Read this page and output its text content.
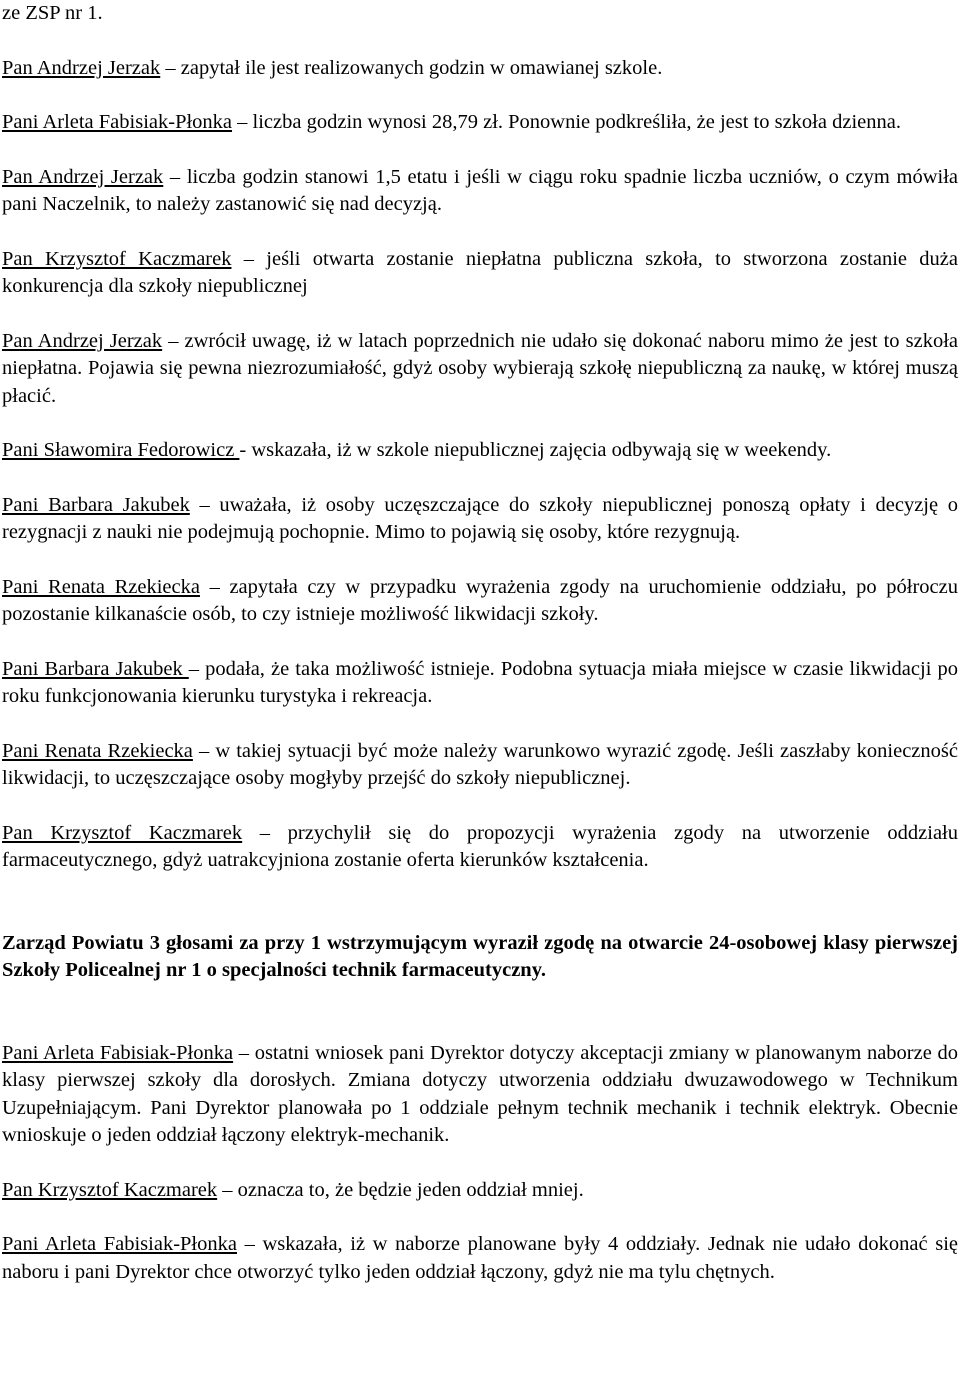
ze ZSP nr 1.

Pan Andrzej Jerzak – zapytał ile jest realizowanych godzin w omawianej szkole.

Pani Arleta Fabisiak-Płonka – liczba godzin wynosi 28,79 zł. Ponownie podkreśliła, że jest to szkoła dzienna.

Pan Andrzej Jerzak – liczba godzin stanowi 1,5 etatu i jeśli w ciągu roku spadnie liczba uczniów, o czym mówiła pani Naczelnik, to należy zastanowić się nad decyzją.

Pan Krzysztof Kaczmarek – jeśli otwarta zostanie niepłatna publiczna szkoła, to stworzona zostanie duża konkurencja dla szkoły niepublicznej

Pan Andrzej Jerzak – zwrócił uwagę, iż w latach poprzednich nie udało się dokonać naboru mimo że jest to szkoła niepłatna. Pojawia się pewna niezrozumiałość, gdyż osoby wybierają szkołę niepubliczną za naukę, w której muszą płacić.

Pani Sławomira Fedorowicz - wskazała, iż w szkole niepublicznej zajęcia odbywają się w weekendy.

Pani Barbara Jakubek – uważała, iż osoby uczęszczające do szkoły niepublicznej ponoszą opłaty i decyzję o rezygnacji z nauki nie podejmują pochopnie. Mimo to pojawią się osoby, które rezygnują.

Pani Renata Rzekiecka – zapytała czy w przypadku wyrażenia zgody na uruchomienie oddziału, po półroczu pozostanie kilkanaście osób, to czy istnieje możliwość likwidacji szkoły.

Pani Barbara Jakubek – podała, że taka możliwość istnieje. Podobna sytuacja miała miejsce w czasie likwidacji po roku funkcjonowania kierunku turystyka i rekreacja.

Pani Renata Rzekiecka – w takiej sytuacji być może należy warunkowo wyrazić zgodę. Jeśli zaszłaby konieczność likwidacji, to uczęszczające osoby mogłyby przejść do szkoły niepublicznej.

Pan Krzysztof Kaczmarek – przychylił się do propozycji wyrażenia zgody na utworzenie oddziału farmaceutycznego, gdyż uatrakcyjniona zostanie oferta kierunków kształcenia.

Zarząd Powiatu 3 głosami za przy 1 wstrzymującym wyraził zgodę na otwarcie 24-osobowej klasy pierwszej Szkoły Policealnej nr 1 o specjalności technik farmaceutyczny.

Pani Arleta Fabisiak-Płonka – ostatni wniosek pani Dyrektor dotyczy akceptacji zmiany w planowanym naborze do klasy pierwszej szkoły dla dorosłych. Zmiana dotyczy utworzenia oddziału dwuzawodowego w Technikum Uzupełniającym. Pani Dyrektor planowała po 1 oddziale pełnym technik mechanik i technik elektryk. Obecnie wnioskuje o jeden oddział łączony elektryk-mechanik.

Pan Krzysztof Kaczmarek – oznacza to, że będzie jeden oddział mniej.

Pani Arleta Fabisiak-Płonka – wskazała, iż w naborze planowane były 4 oddziały. Jednak nie udało dokonać się naboru i pani Dyrektor chce otworzyć tylko jeden oddział łączony, gdyż nie ma tylu chętnych.
